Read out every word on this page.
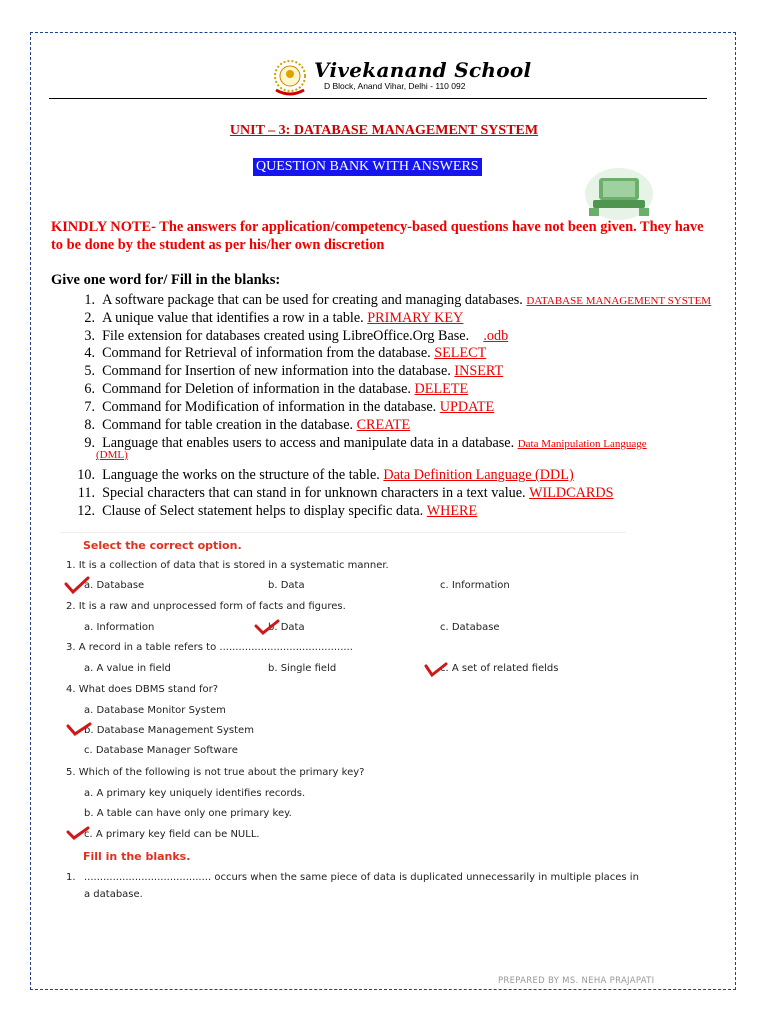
Vivekanand School
D Block, Anand Vihar, Delhi - 110 092
UNIT – 3: DATABASE MANAGEMENT SYSTEM
QUESTION BANK WITH ANSWERS
KINDLY NOTE- The answers for application/competency-based questions have not been given. They have to be done by the student as per his/her own discretion
Give one word for/ Fill in the blanks:
1. A software package that can be used for creating and managing databases. DATABASE MANAGEMENT SYSTEM
2. A unique value that identifies a row in a table. PRIMARY KEY
3. File extension for databases created using LibreOffice.Org Base. .odb
4. Command for Retrieval of information from the database. SELECT
5. Command for Insertion of new information into the database. INSERT
6. Command for Deletion of information in the database. DELETE
7. Command for Modification of information in the database. UPDATE
8. Command for table creation in the database. CREATE
9. Language that enables users to access and manipulate data in a database. Data Manipulation Language
(DML)
10. Language the works on the structure of the table. Data Definition Language (DDL)
11. Special characters that can stand in for unknown characters in a text value. WILDCARDS
12. Clause of Select statement helps to display specific data. WHERE
Select the correct option.
1. It is a collection of data that is stored in a systematic manner.
a. Database	b. Data	c. Information
2. It is a raw and unprocessed form of facts and figures.
a. Information	b. Data	c. Database
3. A record in a table refers to ..........................................
a. A value in field	b. Single field	c. A set of related fields
4. What does DBMS stand for?
a. Database Monitor System
b. Database Management System
c. Database Manager Software
5. Which of the following is not true about the primary key?
a. A primary key uniquely identifies records.
b. A table can have only one primary key.
c. A primary key field can be NULL.
Fill in the blanks.
1. ........................................ occurs when the same piece of data is duplicated unnecessarily in multiple places in
a database.
PREPARED BY MS. NEHA PRAJAPATI
